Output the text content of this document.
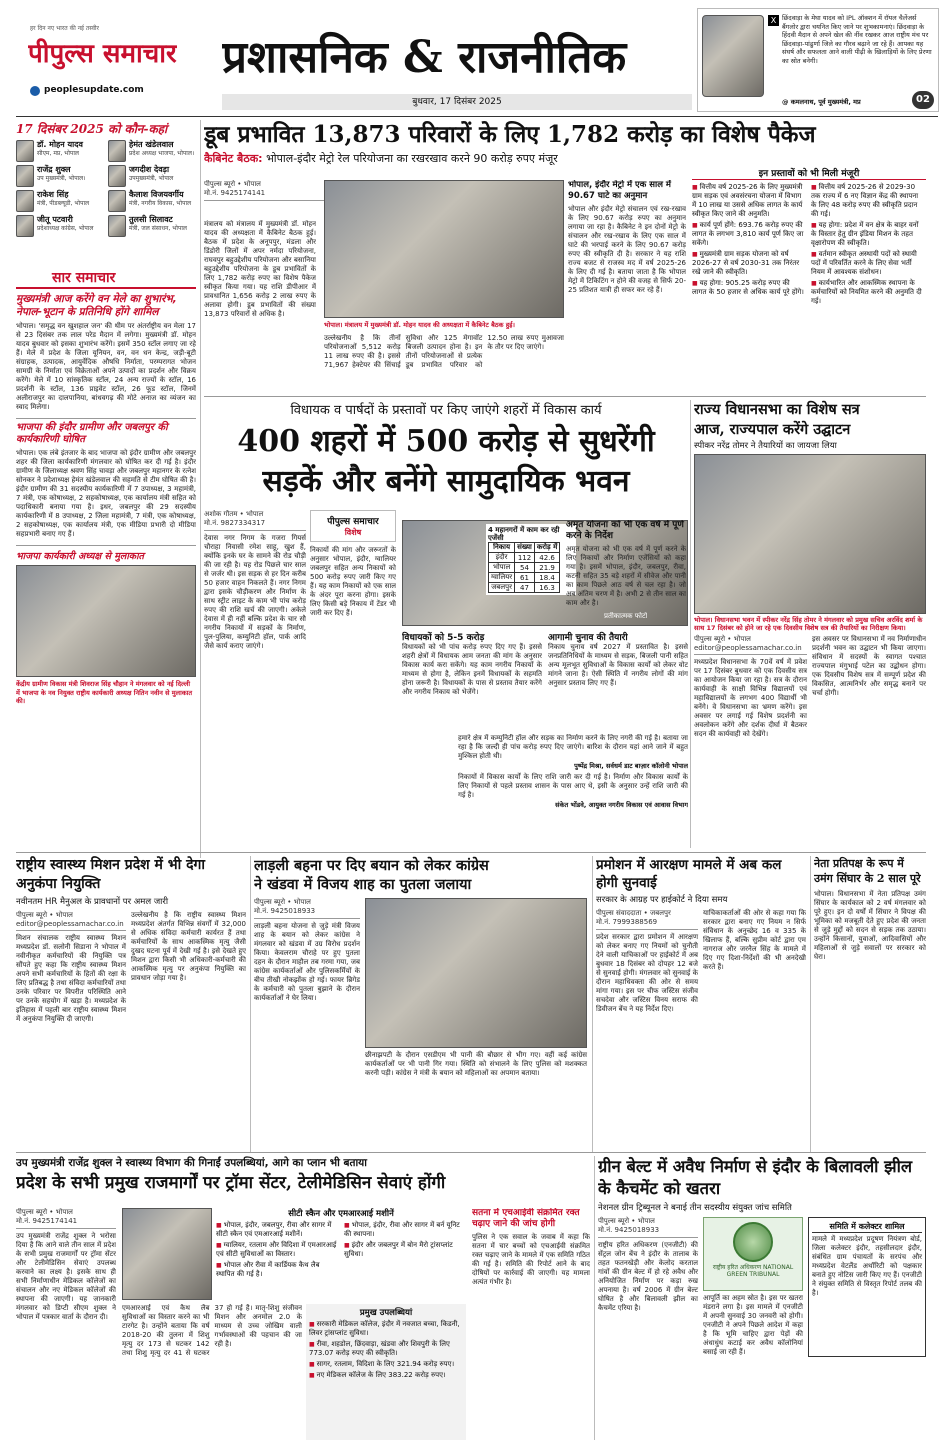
हर दिन नए भारत की नई तस्वीर
पीपुल्स समाचार
peoplesupdate.com
प्रशासनिक & राजनीतिक
बुधवार, 17 दिसंबर 2025
X छिंदवाड़ा के मेघा यादव को IPL ऑक्शन में रॉयल चैलेंजर्स बैंगलोर द्वारा चयनित किए जाने पर शुभकामनाएं। छिंदवाड़ा के हिंदवी मैदान से अपने खेल की नींव रखकर आज राष्ट्रीय मंच पर छिंदवाड़ा-पांढुर्णा जिले का गौरव बढ़ाने जा रहे हैं। आपका यह संघर्ष और सफलता आने वाली पीढ़ी के खिलाड़ियों के लिए प्रेरणा का स्रोत बनेगी।
@ कमलनाथ, पूर्व मुख्यमंत्री, मप्र	02
17 दिसंबर 2025 को कौन-कहां
डॉ. मोहन यादव
सीएम, मप्र, भोपाल
हेमंत खंडेलवाल
प्रदेश अध्यक्ष भाजपा, भोपाल।
राजेंद्र शुक्ल
उप मुख्यमंत्री, भोपाल।
जगदीश देवड़ा
उपमुख्यमंत्री, भोपाल
राकेश सिंह
मंत्री, पीडब्ल्यूडी, भोपाल
कैलाश विजयवर्गीय
मंत्री, नगरीय विकास, भोपाल
जीतू पटवारी
प्रदेशाध्यक्ष कांग्रेस, भोपाल
तुलसी सिलावट
मंत्री, जल संसाधन, भोपाल
सार समाचार
मुख्यमंत्री आज करेंगे वन मेले का शुभारंभ, नेपाल-भूटान के प्रतिनिधि होंगे शामिल
भोपाल। 'समृद्ध वन खुशहाल जन' की थीम पर अंतर्राष्ट्रीय वन मेला 17 से 23 दिसंबर तक लाल परेड मैदान में लगेगा। मुख्यमंत्री डॉ. मोहन यादव बुधवार को इसका शुभारंभ करेंगे। इसमें 350 स्टॉल लगाए जा रहे हैं। मेले में प्रदेश के जिला यूनियन, वन, वन धन केन्द्र, जड़ी-बूटी संग्राहक, उत्पादक, आयुर्वेदिक औषधि निर्माता, परम्परागत भोजन सामग्री के निर्माता एवं विक्रेताओं अपने उत्पादों का प्रदर्शन और विक्रय करेंगे। मेले में 10 सांस्कृतिक स्टॉल, 24 अन्य राज्यों के स्टॉल, 16 प्रदर्शनी के स्टॉल, 136 प्राइवेट स्टॉल, 26 फूड स्टॉल, जिनमें अलीराजपुर का दालपानिया, बांधवगढ़ की मोटे अनाज का व्यंजन का स्वाद मिलेगा।
भाजपा की इंदौर ग्रामीण और जबलपुर की कार्यकारिणी घोषित
भोपाल। एक लंबे इंतजार के बाद भाजपा को इंदौर ग्रामीण और जबलपुर शहर की जिला कार्यकारिणी मंगलवार को घोषित कर दी गई है। इंदौर ग्रामीण के जिलाध्यक्ष श्रवण सिंह चावड़ा और जबलपुर महानगर के रत्नेश सोनकर ने प्रदेशाध्यक्ष हेमंत खंडेलवाल की सहमति से टीम घोषित की है। इंदौर ग्रामीण की 31 सदस्यीय कार्यकारिणी में 7 उपाध्यक्ष, 3 महामंत्री, 7 मंत्री, एक कोषाध्यक्ष, 2 सहकोषाध्यक्ष, एक कार्यालय मंत्री सहित को पदाधिकारी बनाया गया है। इधर, जबलपुर की 29 सदस्यीय कार्यकारिणी में 8 उपाध्यक्ष, 2 जिला महामंत्री, 7 मंत्री, एक कोषाध्यक्ष, 2 सहकोषाध्यक्ष, एक कार्यालय मंत्री, एक मीडिया प्रभारी दो मीडिया सहप्रभारी बनाए गए हैं।
भाजपा कार्यकारी अध्यक्ष से मुलाकात
केंद्रीय ग्रामीण विकास मंत्री शिवराज सिंह चौहान ने मंगलवार को नई दिल्ली में भाजपा के नव नियुक्त राष्ट्रीय कार्यकारी अध्यक्ष नितिन नवीन से मुलाकात की।
डूब प्रभावित 13,873 परिवारों के लिए 1,782 करोड़ का विशेष पैकेज
कैबिनेट बैठक: भोपाल-इंदौर मेट्रो रेल परियोजना का रखरखाव करने 90 करोड़ रुपए मंजूर
पीपुल्स ब्यूरो • भोपाल
मो.नं. 9425174141
मंत्रालय को मंत्रालय में मुख्यमंत्री डॉ. मोहन यादव की अध्यक्षता में कैबिनेट बैठक हुई। बैठक में प्रदेश के अनूपपुर, मंडला और डिंडोरी जिलों में अपर नर्मदा परियोजना, राघवपुर बहुउद्देशीय परियोजना और बसानिया बहुउद्देशीय परियोजना के डूब प्रभावितों के लिए 1,782 करोड़ रुपए का विशेष पैकेज स्वीकृत किया गया। यह राशि डीपीआर में प्रावधानित 1,656 करोड़ 2 लाख रुपए के अलावा होगी। डूब प्रभावितों की संख्या 13,873 परिवारों से अधिक है।
भोपाल। मंत्रालय में मुख्यमंत्री डॉ. मोहन यादव की अध्यक्षता में कैबिनेट बैठक हुई।
उल्लेखनीय है कि तीनों परियोजनाओं 5,512 करोड़ 11 लाख रुपए की है। इससे 71,967 हेक्टेयर की सिंचाई सुविधा और 125 मेगावॉट बिजली उत्पादन होना है। इन तीनों परियोजनाओं से प्रत्येक डूब प्रभावित परिवार को 12.50 लाख रुपए मुआवजा के तौर पर दिए जाएंगे।
भोपाल, इंदौर मेट्रो में एक साल में 90.67 घाटे का अनुमान
भोपाल और इंदौर मेट्रो संचालन एवं रख-रखाव के लिए 90.67 करोड़ रुपए का अनुमान लगाया जा रहा है। कैबिनेट ने इन दोनों मेट्रो के संचालन और रख-रखाव के लिए एक साल में घाटे की भरपाई करने के लिए 90.67 करोड़ रुपए की स्वीकृति दी है। सरकार ने यह राशि राज्य बजट से राजस्व मद में वर्ष 2025-26 के लिए दी गई है। बताया जाता है कि भोपाल मेट्रो में टिकिटिंग न होने की वजह से सिर्फ 20-25 प्रतिशत यात्री ही सफर कर रहे हैं।
इन प्रस्तावों को भी मिली मंजूरी
■ वित्तीय वर्ष 2025-26 के लिए मुख्यमंत्री ग्राम सड़क एवं अवसंरचना योजना में विभाग में 10 लाख या उससे अधिक लागत के कार्य स्वीकृत किए जाने की अनुमति।
■ कार्य पूर्ण होंगे: 693.76 करोड़ रुपए की लागत के लगभग 3,810 कार्य पूर्ण किए जा सकेंगे।
■ मुख्यमंत्री ग्राम सड़क योजना को वर्ष 2026-27 से वर्ष 2030-31 तक निरंतर रखे जाने की स्वीकृति।
■ यह होगा: 905.25 करोड़ रुपए की लागत के 50 हजार से अधिक कार्य पूरे होंगे।
■ वित्तीय वर्ष 2025-26 से 2029-30 तक राज्य में 6 नए विज्ञान केंद्र की स्थापना के लिए 48 करोड़ रुपए की स्वीकृति प्रदान की गई।
■ यह होगा: प्रदेश में वन क्षेत्र के बाहर वनों के विस्तार हेतु ग्रीन इंडिया मिशन के तहत वृक्षारोपण की स्वीकृति।
■ वर्तमान स्वीकृत अस्थायी पदों को स्थायी पदों में परिवर्तित करने के लिए सेवा भर्ती नियम में आवश्यक संशोधन।
■ कार्यभारित और आकस्मिक स्थापना के कर्मचारियों को नियमित करने की अनुमति दी गई।
विधायक व पार्षदों के प्रस्तावों पर किए जाएंगे शहरों में विकास कार्य
400 शहरों में 500 करोड़ से सुधरेंगी
सड़कें और बनेंगे सामुदायिक भवन
अशोक गौतम • भोपाल
मो.नं. 9827334317
देवास नगर निगम के गजरा गियर्स चौराहा निवासी रमेश साहू, खुश हैं, क्योंकि इनके घर के सामने की रोड चौड़ी की जा रही है। यह रोड पिछले चार साल से जर्जर थी। इस सड़क से हर दिन करीब 50 हजार वाहन निकलते हैं। नगर निगम द्वारा इसके चौड़ीकरण और निर्माण के साथ स्ट्रीट लाइट के काम भी पांच करोड़ रुपए की राशि खर्च की जाएगी। अकेले देवास में ही नहीं बल्कि प्रदेश के चार सौ नगरीय निकायों में सड़कों के निर्माण, पुल-पुलिया, कम्युनिटी हॉल, पार्क आदि जैसे कार्य कराए जाएंगे।
पीपुल्स समाचार
विशेष
निकायों की मांग और जरूरतों के अनुसार भोपाल, इंदौर, ग्वालियर जबलपुर सहित अन्य निकायों को 500 करोड़ रुपए जारी किए गए हैं। यह काम निकायों को एक साल के अंदर पूरा करना होगा। इसके लिए किसी बड़े निकाय में टेंडर भी जारी कर दिए हैं।	प्रतीकात्मक फोटो
4 महानगरों में काम कर रही एजेंसी
निकाय	संख्या	करोड़ में
इंदौर	112	42.6
भोपाल	54	21.9
ग्वालियर	61	18.4
जबलपुर	47	16.3
विधायकों को 5-5 करोड़
विधायकों को भी पांच करोड़ रुपए दिए गए हैं। इससे शहरी क्षेत्रों में विधायक आम जनता की मांग के अनुसार विकास कार्य करा सकेंगे। यह काम नगरीय निकायों के माध्यम से होगा है, लेकिन इनमें विधायकों के सहमति होना जरूरी है। विधायकों के पास से प्रस्ताव तैयार करेंगे और नगरीय निकाय को भेजेंगे।
आगामी चुनाव की तैयारी
निकाय चुनाव वर्ष 2027 में प्रस्तावित है। इससे जनप्रतिनिधियों के माध्यम से सड़क, बिजली पानी सहित अन्य मूलभूत सुविधाओं के विकास कार्यों को लेकर वोट मांगने जाना है। ऐसी स्थिति में नगरीय लोगों की मांग अनुसार प्रस्ताव लिए गए हैं।
हमारे क्षेत्र में कम्युनिटी हॉल और सड़क का निर्माण करने के लिए नगरी की गई है। बताया जा रहा है कि जल्दी ही पांच करोड़ रुपए दिए जाएंगे। बारिश के दौरान यहां आने जाने में बहुत मुश्किल होती थी।
पुष्पेंद्र मिश्रा, सर्वधर्म डाट बाज़ार कॉलोनी भोपाल
निकायों में विकास कार्यों के लिए राशि जारी कर दी गई है। निर्माण और विकास कार्यों के लिए निकायों से पहले प्रस्ताव शासन के पास आए थे, इसी के अनुसार उन्हें राशि जारी की गई है।
संकेत भोंडवे, आयुक्त नगरीय विकास एवं आवास विभाग
अमृत योजना को भी एक वर्ष में पूर्ण करने के निर्देश
अमृत योजना को भी एक वर्ष में पूर्ण करने के लिए निकायों और निर्माण एजेंसियों को कहा गया है। इसमें भोपाल, इंदौर, जबलपुर, रीवा, कटनी सहित 35 बड़े शहरों में सीवेज और पानी का काम पिछले आठ वर्ष से चल रहा है। जो अब अंतिम चरण में है। अभी 2 से तीन साल का काम और है।
राज्य विधानसभा का विशेष सत्र
आज, राज्यपाल करेंगे उद्घाटन
स्पीकर नरेंद्र तोमर ने तैयारियों का जायजा लिया
भोपाल। विधानसभा भवन में स्पीकर नरेंद्र सिंह तोमर ने मंगलवार को प्रमुख सचिव अरविंद शर्मा के साथ 17 दिसंबर को होने जा रहे एक दिवसीय विशेष सत्र की तैयारियों का निरीक्षण किया।
पीपुल्स ब्यूरो • भोपाल
editor@peoplessamachar.co.in
मध्यप्रदेश विधानसभा के 70वें वर्ष में प्रवेश पर 17 दिसंबर बुधवार को एक दिवसीय सत्र का आयोजन किया जा रहा है। सत्र के दौरान कार्यवाही के साक्षी विभिन्न विद्यालयों एवं महाविद्यालयों के लगभग 400 विद्यार्थी भी बनेंगे। वे विधानसभा का भ्रमण करेंगे। इस अवसर पर लगाई गई विशेष प्रदर्शनी का अवलोकन करेंगे और दर्शक दीर्घा में बैठकर सदन की कार्यवाही को देखेंगे।
इस अवसर पर विधानसभा में नव निर्माणाधीन प्रदर्शनी भवन का उद्घाटन भी किया जाएगा। संविधान में सदस्यों के स्वागत पश्चात राज्यपाल मंगुभाई पटेल का उद्बोधन होगा। एक दिवसीय विशेष सत्र में सम्पूर्ण प्रदेश की विकसित, आत्मनिर्भर और समृद्ध बनाने पर चर्चा होगी।
राष्ट्रीय स्वास्थ्य मिशन प्रदेश में भी देगा अनुकंपा नियुक्ति
नवीनतम HR मैनुअल के प्रावधानों पर अमल जारी
पीपुल्स ब्यूरो • भोपाल
editor@peoplessamachar.co.in
मिशन संचालक राष्ट्रीय स्वास्थ्य मिशन मध्यप्रदेश डॉ. सलोनी सिडाना ने भोपाल में नवीनीकृत कर्मचारियों की नियुक्ति पत्र सौंपते हुए कहा कि राष्ट्रीय स्वास्थ्य मिशन अपने सभी कर्मचारियों के हितों की रक्षा के लिए प्रतिबद्ध है तथा संविदा कर्मचारियों तथा उनके परिवार पर विपरीत परिस्थिति आने पर उनके सहयोग में खड़ा है। मध्यप्रदेश के इतिहास में पहली बार राष्ट्रीय स्वास्थ्य मिशन में अनुकंपा नियुक्ति दी जाएगी।
उल्लेखनीय है कि राष्ट्रीय स्वास्थ्य मिशन मध्यप्रदेश अंतर्गत विभिन्न संवर्गों में 32,000 से अधिक संविदा कर्मचारी कार्यरत हैं तथा कर्मचारियों के साथ आकस्मिक मृत्यु जैसी दुखद घटना पूर्व में देखी गई है। इसे देखते हुए मिशन द्वारा किसी भी अधिकारी-कर्मचारी की आकस्मिक मृत्यु पर अनुकंपा नियुक्ति का प्रावधान जोड़ा गया है।
लाड़ली बहना पर दिए बयान को लेकर कांग्रेस
ने खंडवा में विजय शाह का पुतला जलाया
पीपुल्स ब्यूरो • भोपाल
मो.नं. 9425018933
लाड़ली बहना योजना से जुड़े मंत्री विजय शाह के बयान को लेकर कांग्रेस ने मंगलवार को खंडवा में उग्र विरोध प्रदर्शन किया। केवलराम चौराहे पर हुए पुतला दहन के दौरान माहौल तब गरमा गया, जब कांग्रेस कार्यकर्ताओं और पुलिसकर्मियों के बीच तीखी नोकझोंक हो गई। फायर ब्रिगेड के कर्मचारी को पुतला बुझाने के दौरान कार्यकर्ताओं ने घेर लिया।
छीनाझपटी के दौरान एसडीएम भी पानी की बौछार से भीग गए। वहीं कई कांग्रेस कार्यकर्ताओं पर भी पानी गिर गया। स्थिति को संभालने के लिए पुलिस को मशक्कत करनी पड़ी। कांग्रेस ने मंत्री के बयान को महिलाओं का अपमान बताया।
प्रमोशन में आरक्षण मामले में अब कल होगी सुनवाई
सरकार के आग्रह पर हाईकोर्ट ने दिया समय
पीपुल्स संवाददाता • जबलपुर
मो.नं. 7999388569
प्रदेश सरकार द्वारा प्रमोशन में आरक्षण को लेकर बनाए गए नियमों को चुनौती देने वाली याचिकाओं पर हाईकोर्ट में अब बुधवार 18 दिसंबर को दोपहर 12 बजे से सुनवाई होगी। मंगलवार को सुनवाई के दौरान महाधिवक्ता की ओर से समय मांगा गया। इस पर चीफ जस्टिस संजीव सचदेवा और जस्टिस विनय सराफ की डिवीजन बेंच ने यह निर्देश दिए।
याचिकाकर्ताओं की ओर से कहा गया कि सरकार द्वारा बनाए गए नियम न सिर्फ संविधान के अनुच्छेद 16 व 335 के खिलाफ हैं, बल्कि सुप्रीम कोर्ट द्वारा एम नागराज और जरनैल सिंह के मामले में दिए गए दिशा-निर्देशों की भी अनदेखी करते हैं।
नेता प्रतिपक्ष के रूप में उमंग सिंघार के 2 साल पूरे
भोपाल। विधानसभा में नेता प्रतिपक्ष उमंग सिंघार के कार्यकाल को 2 वर्ष मंगलवार को पूरे हुए। इन दो वर्षों में सिंघार ने विपक्ष की भूमिका को मजबूती देते हुए प्रदेश की जनता से जुड़े मुद्दों को सदन से सड़क तक उठाया। उन्होंने किसानों, युवाओं, आदिवासियों और महिलाओं से जुड़े सवालों पर सरकार को घेरा।
उप मुख्यमंत्री राजेंद्र शुक्ल ने स्वास्थ्य विभाग की गिनाईं उपलब्धियां, आगे का प्लान भी बताया
प्रदेश के सभी प्रमुख राजमार्गों पर ट्रॉमा सेंटर, टेलीमेडिसिन सेवाएं होंगी
पीपुल्स ब्यूरो • भोपाल
मो.नं. 9425174141
उप मुख्यमंत्री राजेंद्र शुक्ल ने भरोसा दिया है कि आने वाले तीन साल में प्रदेश के सभी प्रमुख राजमार्गों पर ट्रॉमा सेंटर और टेलीमेडिसिन सेवाएं उपलब्ध करवाने का लक्ष्य है। इसके साथ ही सभी निर्माणाधीन मेडिकल कॉलेजों का संचालन और नए मेडिकल कॉलेजों की स्थापना की जाएगी। यह जानकारी मंगलवार को डिप्टी सीएम शुक्ल ने भोपाल में पत्रकार वार्ता के दौरान दी।
एमआरआई एवं कैथ लैब सुविधाओं का विस्तार करने का भी टारगेट है। उन्होंने बताया कि वर्ष 2018-20 की तुलना में शिशु मृत्यु दर 173 से घटकर 142 तथा शिशु मृत्यु दर 41 से घटकर 37 हो गई है। मातृ-शिशु संजीवन मिशन और अनमोल 2.0 के माध्यम से उच्च जोखिम वाली गर्भावस्थाओं की पहचान की जा रही है।
सीटी स्कैन और एमआरआई मशीनें
■ भोपाल, इंदौर, जबलपुर, रीवा और सागर में सीटी स्कैन एवं एमआरआई मशीनें।
■ ग्वालियर, रतलाम और विदिशा में एमआरआई एवं सीटी सुविधाओं का विस्तार।
■ भोपाल और रीवा में कार्डियक कैथ लैब स्थापित की गई है।
■ भोपाल, इंदौर, रीवा और सागर में बर्न यूनिट की स्थापना।
■ इंदौर और जबलपुर में बोन मैरो ट्रांसप्लांट सुविधा।
प्रमुख उपलब्धियां
■ सरकारी मेडिकल कॉलेज, इंदौर में नवजात बच्चा, किडनी, लिवर ट्रांसप्लांट सुविधा।
■ रीवा, शहडोल, छिंदवाड़ा, खंडवा और शिवपुरी के लिए 773.07 करोड़ रुपए की स्वीकृति।
■ सागर, रतलाम, विदिशा के लिए 321.94 करोड़ रुपए।
■ नए मेडिकल कॉलेज के लिए 383.22 करोड़ रुपए।
सतना में एचआईवी संक्रमित रक्त चढ़ाए जाने की जांच होगी
पुलिस ने एक सवाल के जवाब में कहा कि सतना में चार बच्चों को एचआईवी संक्रमित रक्त चढ़ाए जाने के मामले में एक समिति गठित की गई है। समिति की रिपोर्ट आने के बाद दोषियों पर कार्रवाई की जाएगी। यह मामला अत्यंत गंभीर है।
ग्रीन बेल्ट में अवैध निर्माण से इंदौर के बिलावली झील के कैचमेंट को खतरा
नेशनल ग्रीन ट्रिब्यूनल ने बनाई तीन सदस्यीय संयुक्त जांच समिति
पीपुल्स ब्यूरो • भोपाल
मो.नं. 9425018933
राष्ट्रीय हरित अधिकरण (एनजीटी) की सेंट्रल जोन बेंच ने इंदौर के तालाब के तहत फतनखेड़ी और केलोद करताल गांवों की ग्रीन बेल्ट में हो रहे अवैध और अनियोजित निर्माण पर कड़ा रुख अपनाया है। वर्ष 2006 में ग्रीन बेल्ट घोषित है और बिलावली झील का कैचमेंट एरिया है।
राष्ट्रीय हरित अधिकरण NATIONAL GREEN TRIBUNAL
आपूर्ति का अहम स्रोत है। इस पर खतरा मंडराने लगा है। इस मामले में एनजीटी में अपनी सुनवाई 30 जनवरी को होगी। एनजीटी ने अपने पिछले आदेश में कहा है कि भूमि चाहिए द्वारा पेड़ों की अंधाधुंध कटाई कर अवैध कॉलोनियां बसाई जा रही हैं।
समिति में कलेक्टर शामिल
मामले में मध्यप्रदेश प्रदूषण नियंत्रण बोर्ड, जिला कलेक्टर इंदौर, तहसीलदार इंदौर, संबंधित ग्राम पंचायतों के सरपंच और मध्यप्रदेश वेटलैंड अथॉरिटी को पक्षकार बनाते हुए नोटिस जारी किए गए हैं। एनजीटी ने संयुक्त समिति से विस्तृत रिपोर्ट तलब की है।
